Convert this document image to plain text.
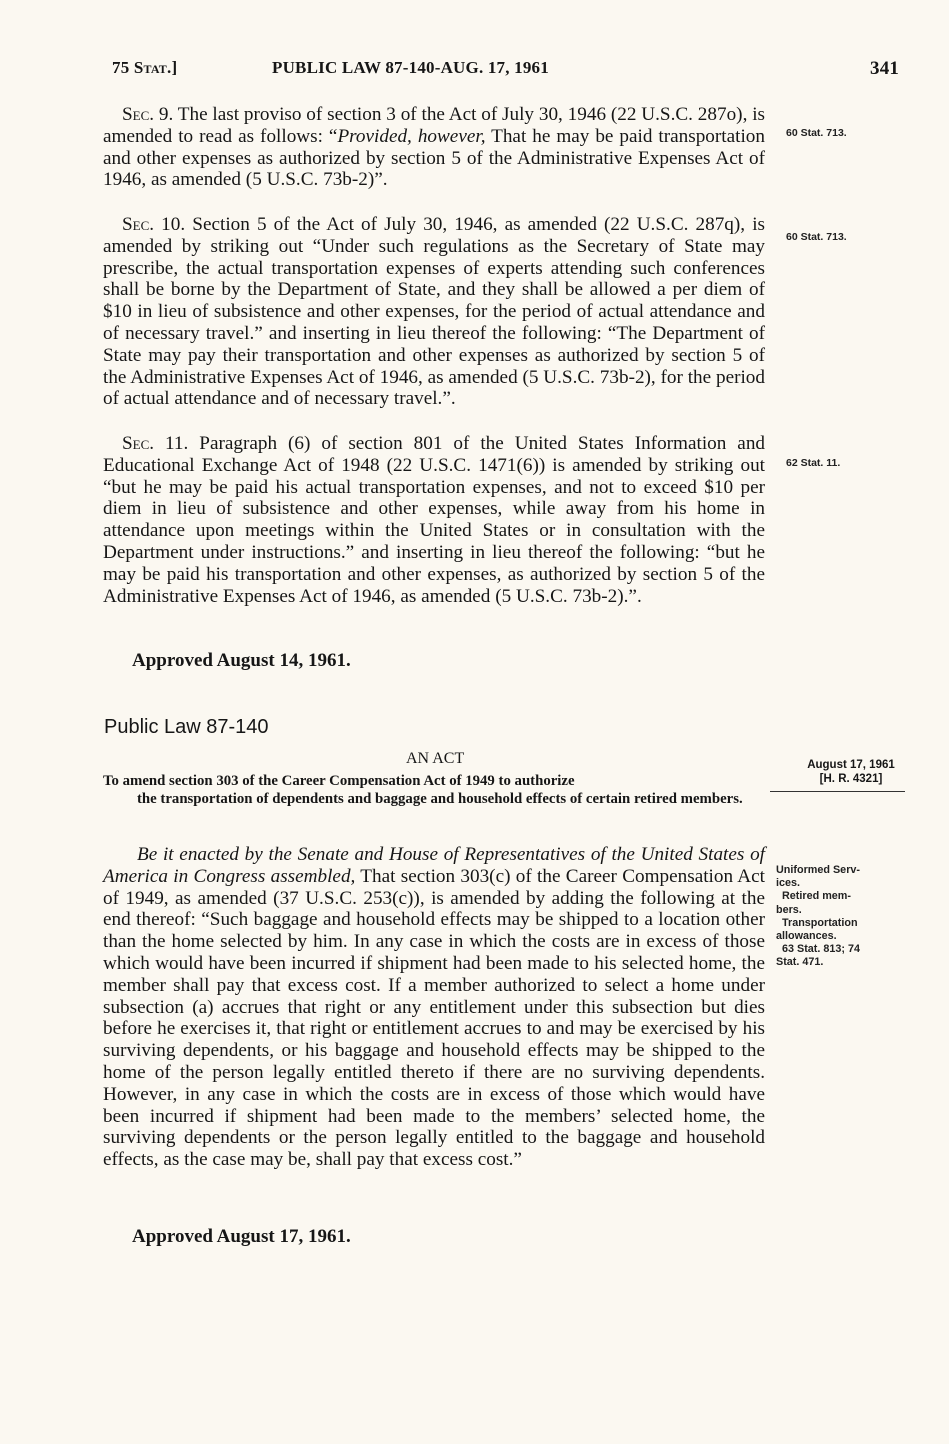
75 Stat.]	PUBLIC LAW 87-140-AUG. 17, 1961	341

Sec. 9. The last proviso of section 3 of the Act of July 30, 1946 (22 U.S.C. 287o), is amended to read as follows: “Provided, however, That he may be paid transportation and other expenses as authorized by section 5 of the Administrative Expenses Act of 1946, as amended (5 U.S.C. 73b-2)”.

60 Stat. 713.

Sec. 10. Section 5 of the Act of July 30, 1946, as amended (22 U.S.C. 287q), is amended by striking out “Under such regulations as the Secretary of State may prescribe, the actual transportation expenses of experts attending such conferences shall be borne by the Department of State, and they shall be allowed a per diem of $10 in lieu of subsistence and other expenses, for the period of actual attendance and of necessary travel.” and inserting in lieu thereof the following: “The Department of State may pay their transportation and other expenses as authorized by section 5 of the Administrative Expenses Act of 1946, as amended (5 U.S.C. 73b-2), for the period of actual attendance and of necessary travel.”.

60 Stat. 713.

Sec. 11. Paragraph (6) of section 801 of the United States Information and Educational Exchange Act of 1948 (22 U.S.C. 1471(6)) is amended by striking out “but he may be paid his actual transportation expenses, and not to exceed $10 per diem in lieu of subsistence and other expenses, while away from his home in attendance upon meetings within the United States or in consultation with the Department under instructions.” and inserting in lieu thereof the following: “but he may be paid his transportation and other expenses, as authorized by section 5 of the Administrative Expenses Act of 1946, as amended (5 U.S.C. 73b-2).”.

62 Stat. 11.
Approved August 14, 1961.
Public Law 87-140
AN ACT	August 17, 1961
[H. R. 4321]
To amend section 303 of the Career Compensation Act of 1949 to authorize
the transportation of dependents and baggage and household effects of certain retired members.

Be it enacted by the Senate and House of Representatives of the United States of America in Congress assembled, That section 303(c) of the Career Compensation Act of 1949, as amended (37 U.S.C. 253(c)), is amended by adding the following at the end thereof: “Such baggage and household effects may be shipped to a location other than the home selected by him. In any case in which the costs are in excess of those which would have been incurred if shipment had been made to his selected home, the member shall pay that excess cost. If a member authorized to select a home under subsection (a) accrues that right or any entitlement under this subsection but dies before he exercises it, that right or entitlement accrues to and may be exercised by his surviving dependents, or his baggage and household effects may be shipped to the home of the person legally entitled thereto if there are no surviving dependents. However, in any case in which the costs are in excess of those which would have been incurred if shipment had been made to the members’ selected home, the surviving dependents or the person legally entitled to the baggage and household effects, as the case may be, shall pay that excess cost.”

Uniformed Serv-
ices.
Retired mem-
bers.
Transportation
allowances.
63 Stat. 813; 74
Stat. 471.
Approved August 17, 1961.
